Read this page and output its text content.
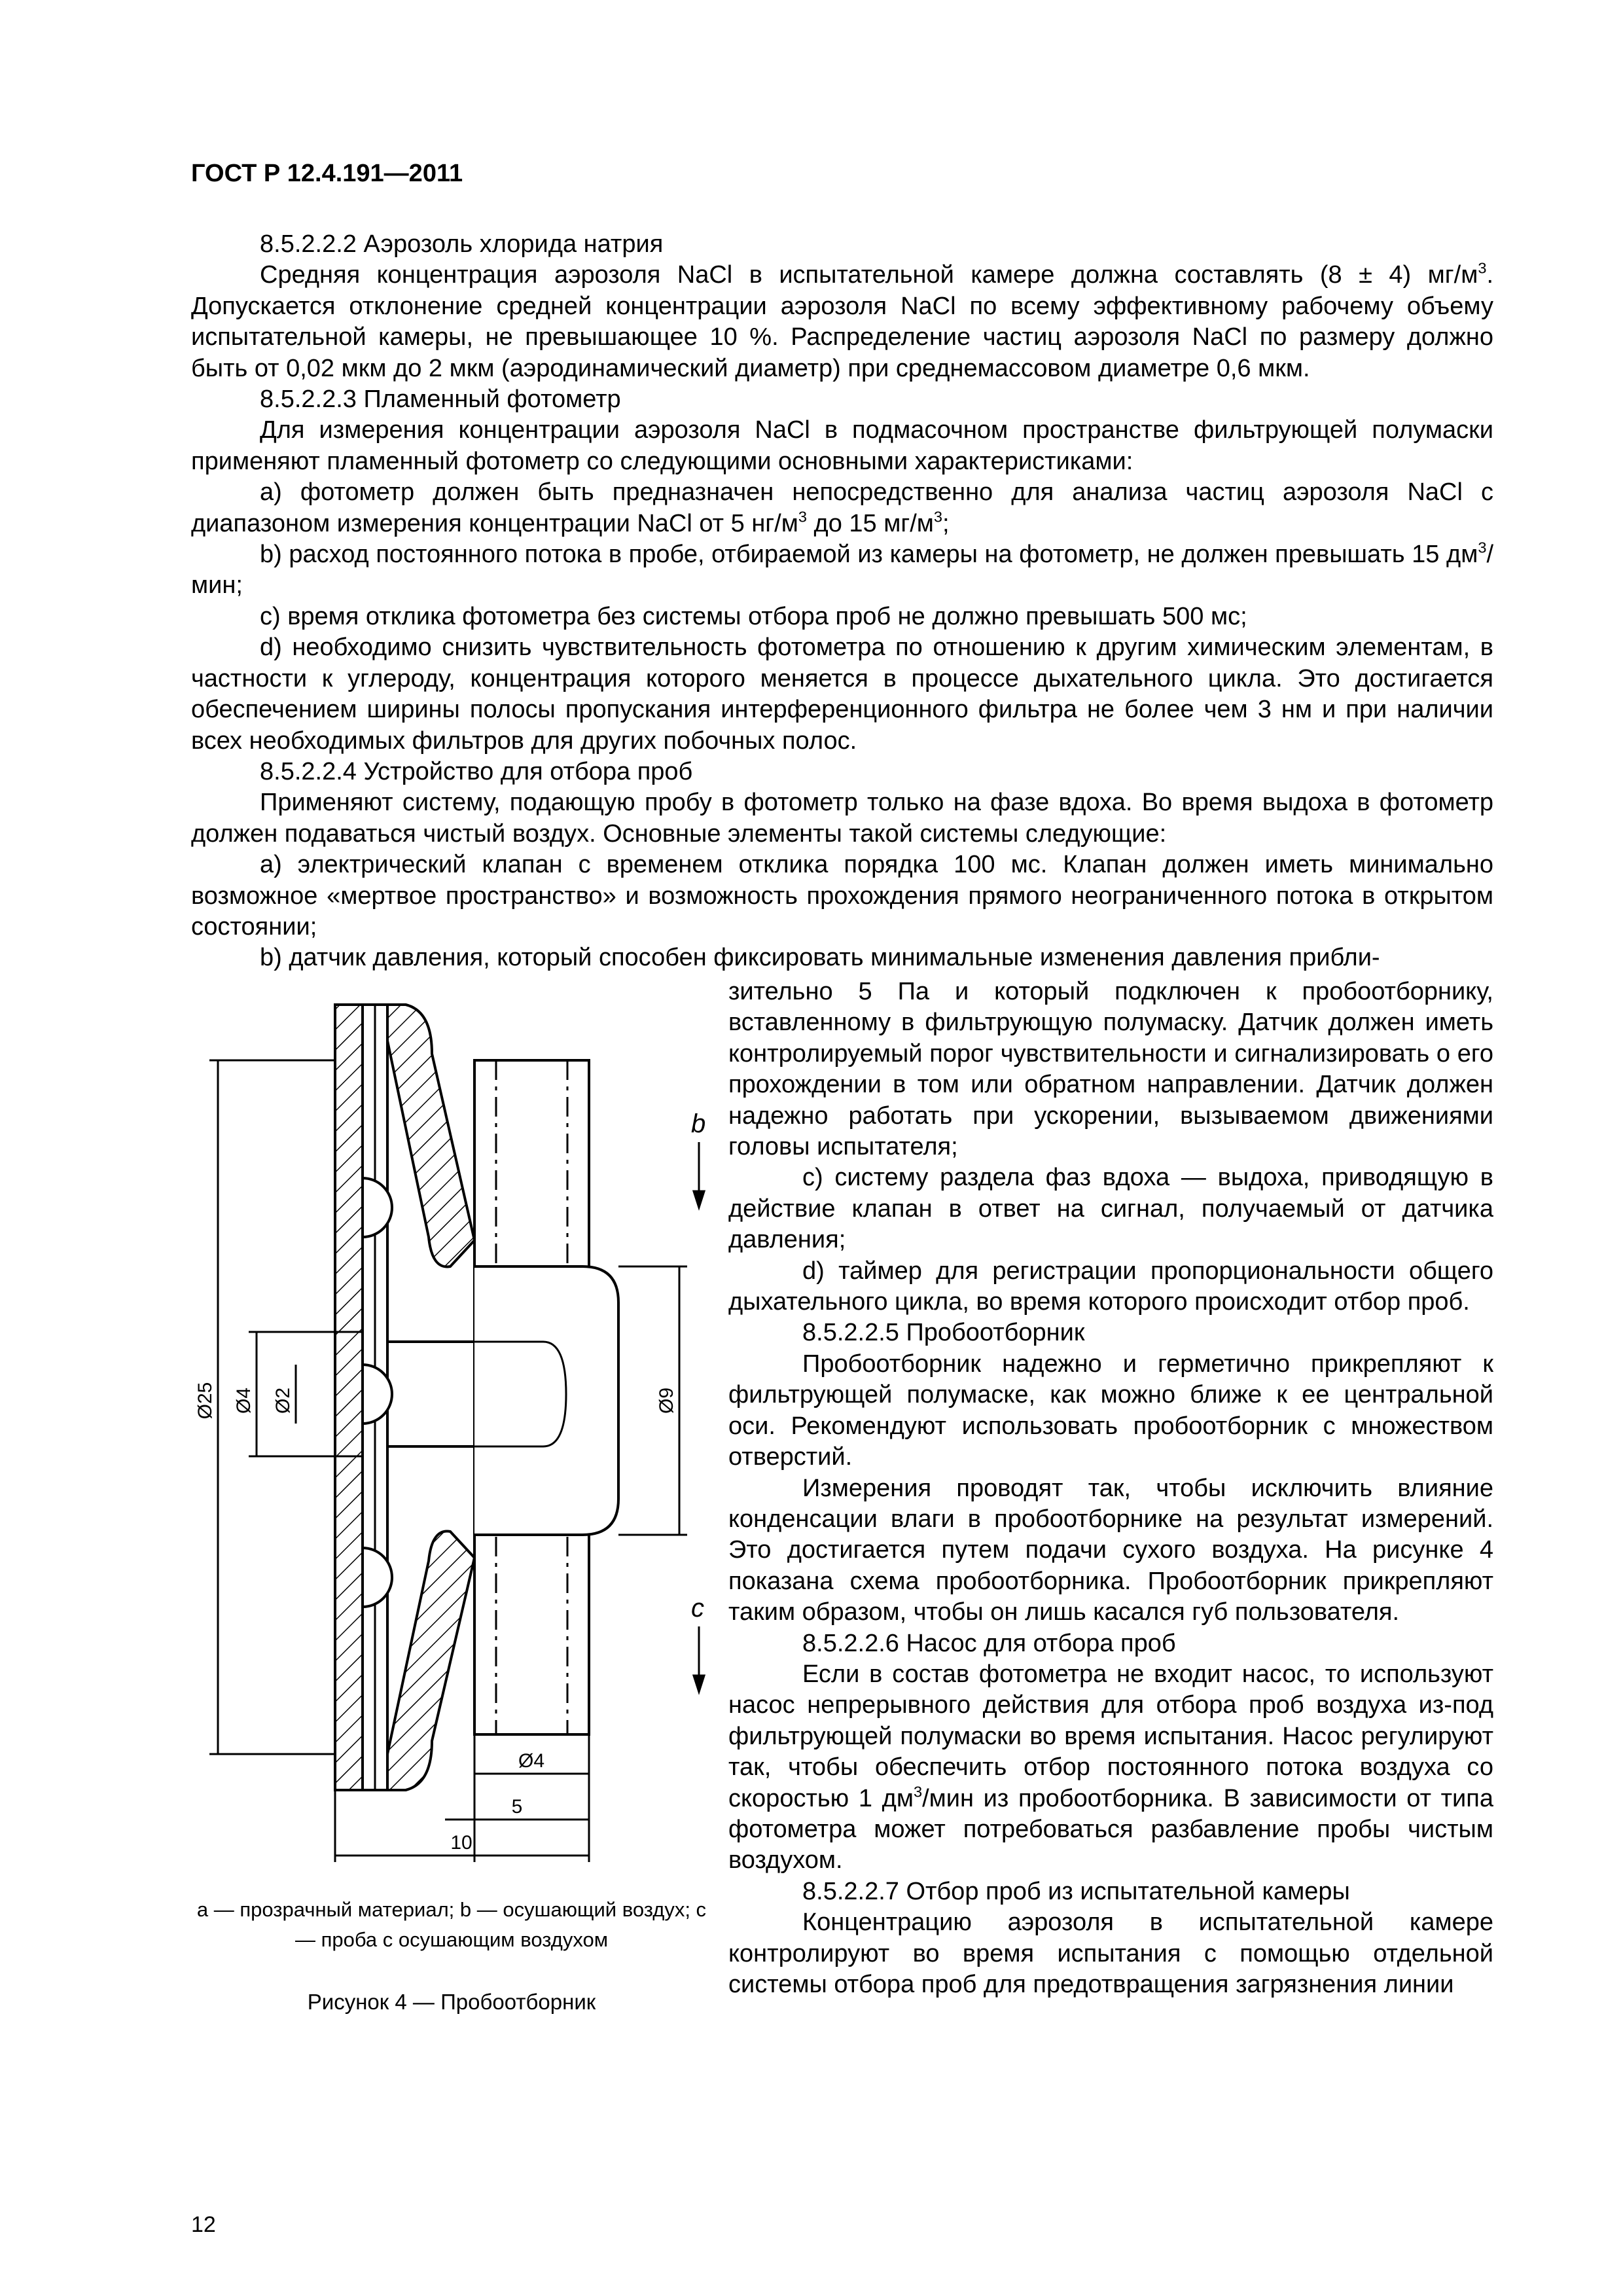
ГОСТ Р 12.4.191—2011

8.5.2.2.2 Аэрозоль хлорида натрия

Средняя концентрация аэрозоля NaCl в испытательной камере должна составлять (8 ± 4) $мг/м^3$. Допускается отклонение средней концентрации аэрозоля NaCl по всему эффективному рабочему объему испытательной камеры, не превышающее 10 %. Распределение частиц аэрозоля NaCl по размеру должно быть от 0,02 мкм до 2 мкм (аэродинамический диаметр) при среднемассовом диаметре 0,6 мкм.

8.5.2.2.3 Пламенный фотометр

Для измерения концентрации аэрозоля NaCl в подмасочном пространстве фильтрующей полумаски применяют пламенный фотометр со следующими основными характеристиками:

а) фотометр должен быть предназначен непосредственно для анализа частиц аэрозоля NaCl с диапазоном измерения концентрации NaCl от 5 $нг/м^3$ до 15 $мг/м^3$;

b) расход постоянного потока в пробе, отбираемой из камеры на фотометр, не должен превышать 15 $дм^3$/мин;

с) время отклика фотометра без системы отбора проб не должно превышать 500 мс;

d) необходимо снизить чувствительность фотометра по отношению к другим химическим элементам, в частности к углероду, концентрация которого меняется в процессе дыхательного цикла. Это достигается обеспечением ширины полосы пропускания интерференционного фильтра не более чем 3 нм и при наличии всех необходимых фильтров для других побочных полос.

8.5.2.2.4 Устройство для отбора проб

Применяют систему, подающую пробу в фотометр только на фазе вдоха. Во время выдоха в фотометр должен подаваться чистый воздух. Основные элементы такой системы следующие:

а) электрический клапан с временем отклика порядка 100 мс. Клапан должен иметь минимально возможное «мертвое пространство» и возможность прохождения прямого неограниченного потока в открытом состоянии;

b) датчик давления, который способен фиксировать минимальные изменения давления прибли-

зительно 5 Па и который подключен к пробоотборнику, вставленному в фильтрующую полумаску. Датчик должен иметь контролируемый порог чувствительности и сигнализировать о его прохождении в том или обратном направлении. Датчик должен надежно работать при ускорении, вызываемом движениями головы испытателя;

с) систему раздела фаз вдоха — выдоха, приводящую в действие клапан в ответ на сигнал, получаемый от датчика давления;

d) таймер для регистрации пропорциональности общего дыхательного цикла, во время которого происходит отбор проб.

8.5.2.2.5 Пробоотборник

Пробоотборник надежно и герметично прикрепляют к фильтрующей полумаске, как можно ближе к ее центральной оси. Рекомендуют использовать пробоотборник с множеством отверстий.

Измерения проводят так, чтобы исключить влияние конденсации влаги в пробоотборнике на результат измерений. Это достигается путем подачи сухого воздуха. На рисунке 4 показана схема пробоотборника. Пробоотборник прикрепляют таким образом, чтобы он лишь касался губ пользователя.

8.5.2.2.6 Насос для отбора проб

Если в состав фотометра не входит насос, то используют насос непрерывного действия для отбора проб воздуха из-под фильтрующей полумаски во время испытания. Насос регулируют так, чтобы обеспечить отбор постоянного потока воздуха со скоростью 1 $дм^3$/мин из пробоотборника. В зависимости от типа фотометра может потребоваться разбавление пробы чистым воздухом.

8.5.2.2.7 Отбор проб из испытательной камеры

Концентрацию аэрозоля в испытательной камере контролируют во время испытания с помощью отдельной системы отбора проб для предотвращения загрязнения линии

b
c
Ø25 Ø4 Ø2	Ø9
Ø4
5
10
а — прозрачный материал; b — осушающий воздух; с — проба с осушающим воздухом
Рисунок 4 — Пробоотборник
12
